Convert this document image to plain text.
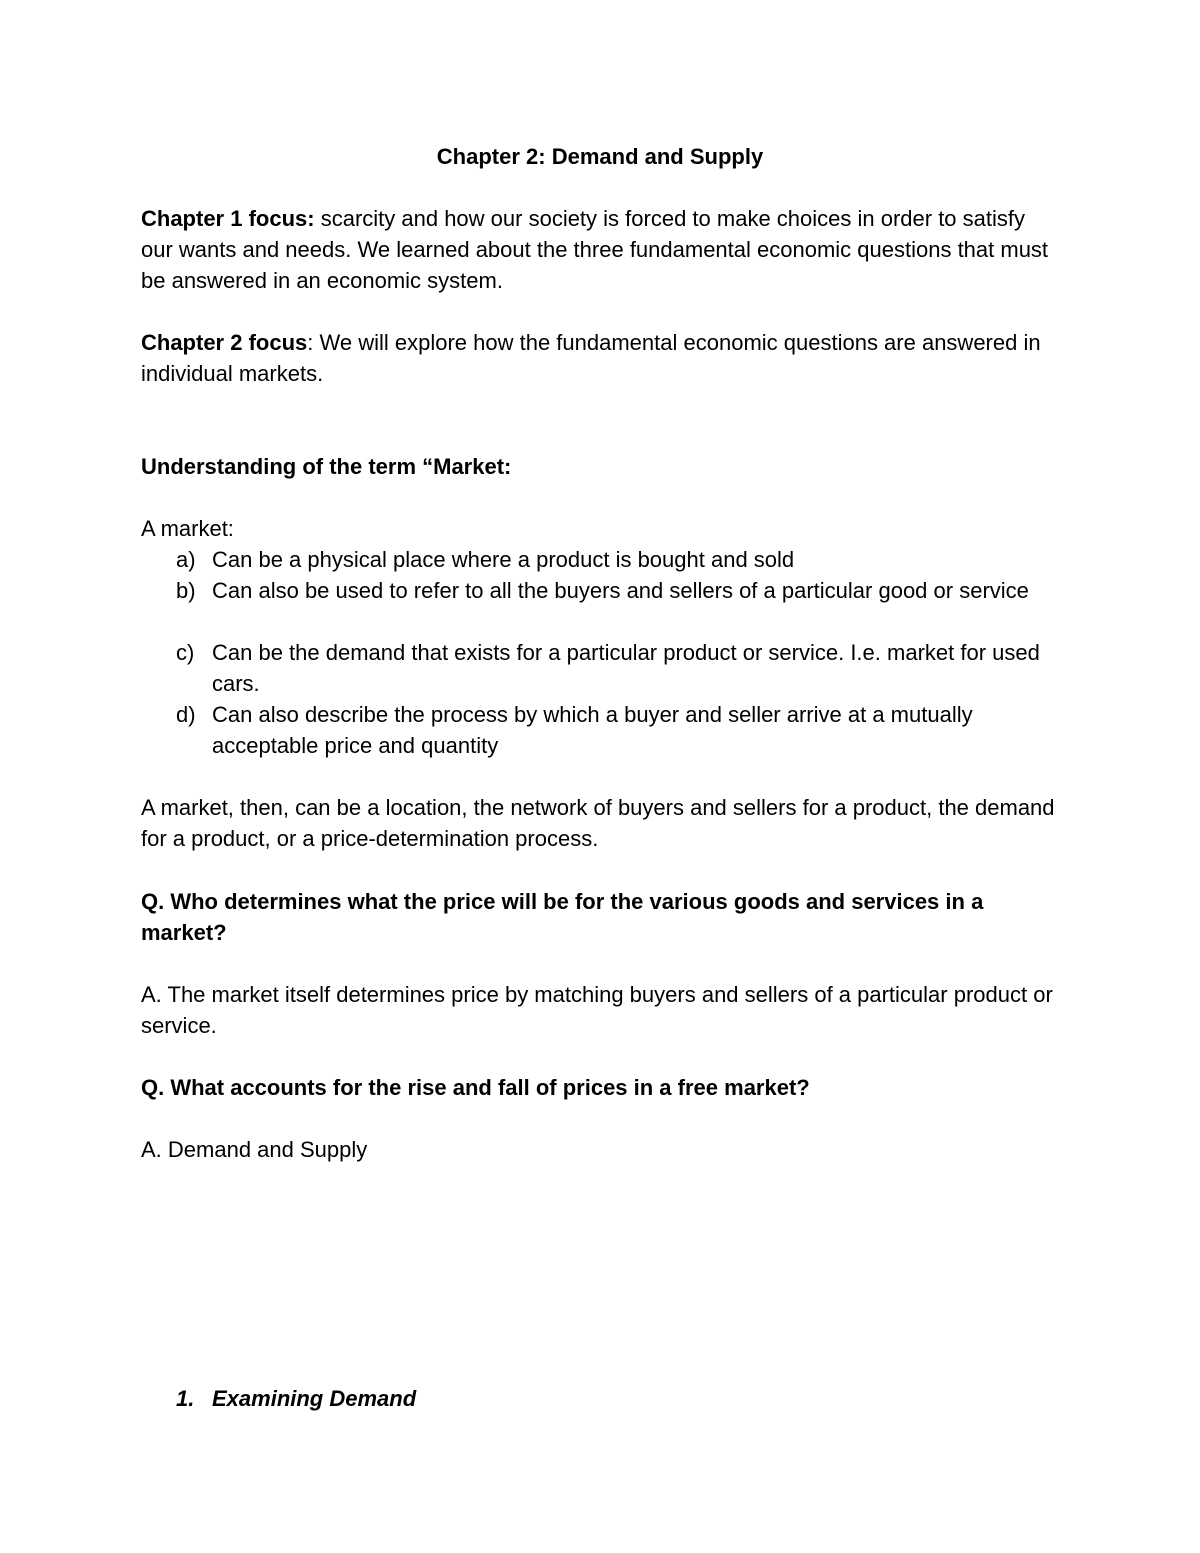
Chapter 2: Demand and Supply
Chapter 1 focus: scarcity and how our society is forced to make choices in order to satisfy our wants and needs. We learned about the three fundamental economic questions that must be answered in an economic system.
Chapter 2 focus: We will explore how the fundamental economic questions are answered in individual markets.
Understanding of the term “Market:
A market:
a) Can be a physical place where a product is bought and sold
b) Can also be used to refer to all the buyers and sellers of a particular good or service
c) Can be the demand that exists for a particular product or service. I.e. market for used cars.
d) Can also describe the process by which a buyer and seller arrive at a mutually acceptable price and quantity
A market, then, can be a location, the network of buyers and sellers for a product, the demand for a product, or a price-determination process.
Q. Who determines what the price will be for the various goods and services in a market?
A. The market itself determines price by matching buyers and sellers of a particular product or service.
Q. What accounts for the rise and fall of prices in a free market?
A. Demand and Supply
1. Examining Demand
